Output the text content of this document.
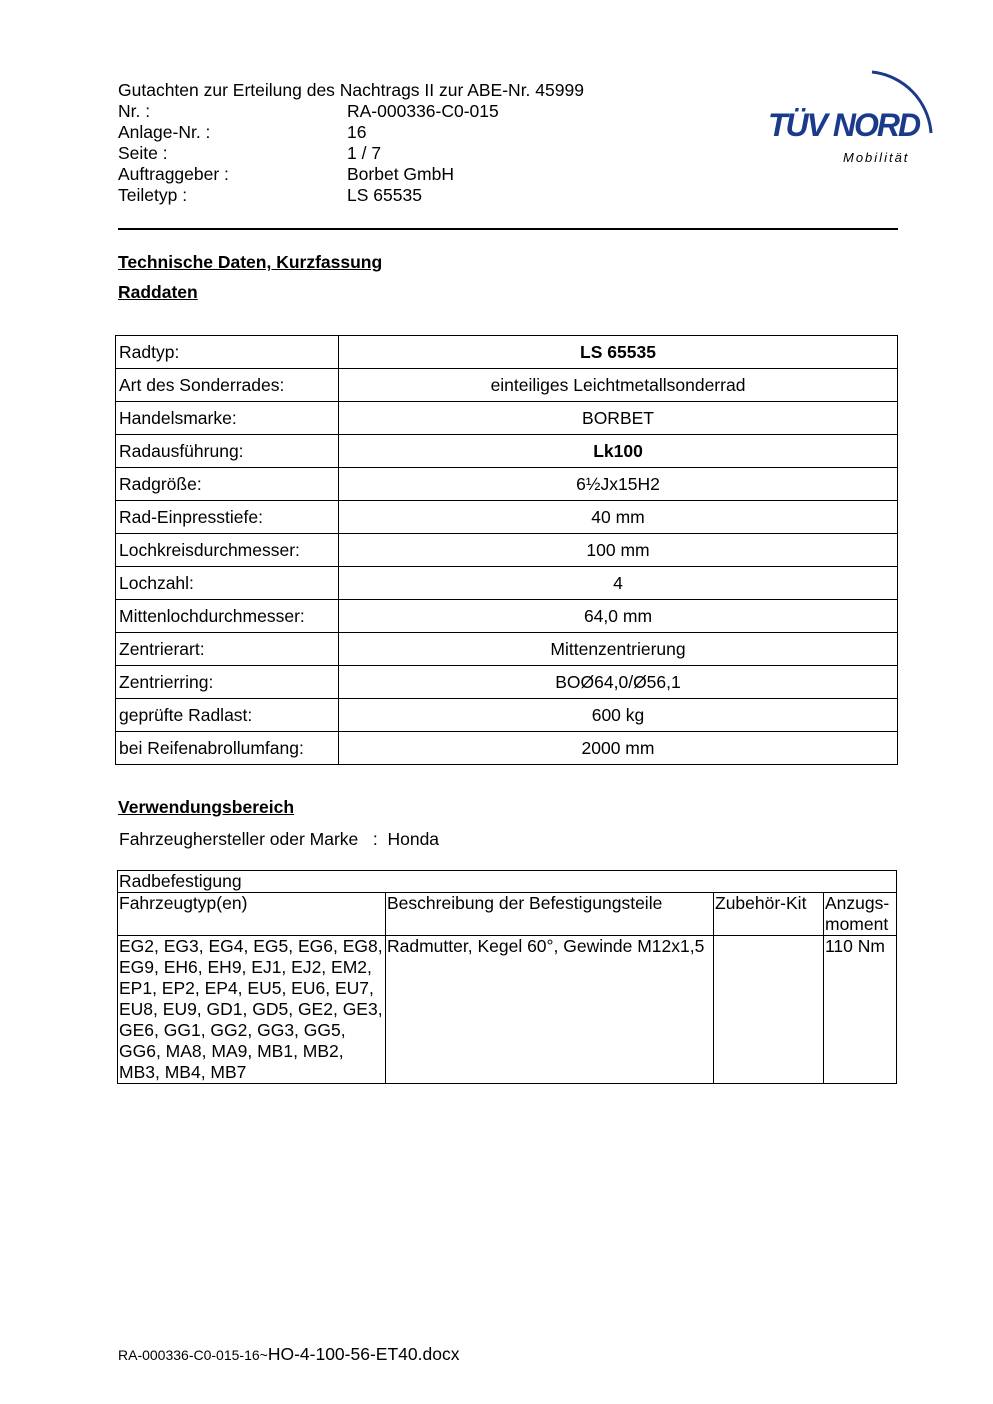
Gutachten zur Erteilung des Nachtrags II zur ABE-Nr. 45999
Nr. :	RA-000336-C0-015
Anlage-Nr. :	16
Seite :	1 / 7
Auftraggeber :	Borbet GmbH
Teiletyp :	LS 65535
TÜV NORD
Mobilität
Technische Daten, Kurzfassung
Raddaten
Radtyp:	LS 65535
Art des Sonderrades:	einteiliges Leichtmetallsonderrad
Handelsmarke:	BORBET
Radausführung:	Lk100
Radgröße:	6½Jx15H2
Rad-Einpresstiefe:	40 mm
Lochkreisdurchmesser:	100 mm
Lochzahl:	4
Mittenlochdurchmesser:	64,0 mm
Zentrierart:	Mittenzentrierung
Zentrierring:	BOØ64,0/Ø56,1
geprüfte Radlast:	600 kg
bei Reifenabrollumfang:	2000 mm
Verwendungsbereich
Fahrzeughersteller oder Marke   : Honda
Radbefestigung			
Fahrzeugtyp(en)	Beschreibung der Befestigungsteile	Zubehör-Kit	Anzugs-moment
EG2, EG3, EG4, EG5, EG6, EG8, EG9, EH6, EH9, EJ1, EJ2, EM2, EP1, EP2, EP4, EU5, EU6, EU7, EU8, EU9, GD1, GD5, GE2, GE3, GE6, GG1, GG2, GG3, GG5, GG6, MA8, MA9, MB1, MB2, MB3, MB4, MB7	Radmutter, Kegel 60°, Gewinde M12x1,5		110 Nm
RA-000336-C0-015-16~HO-4-100-56-ET40.docx
